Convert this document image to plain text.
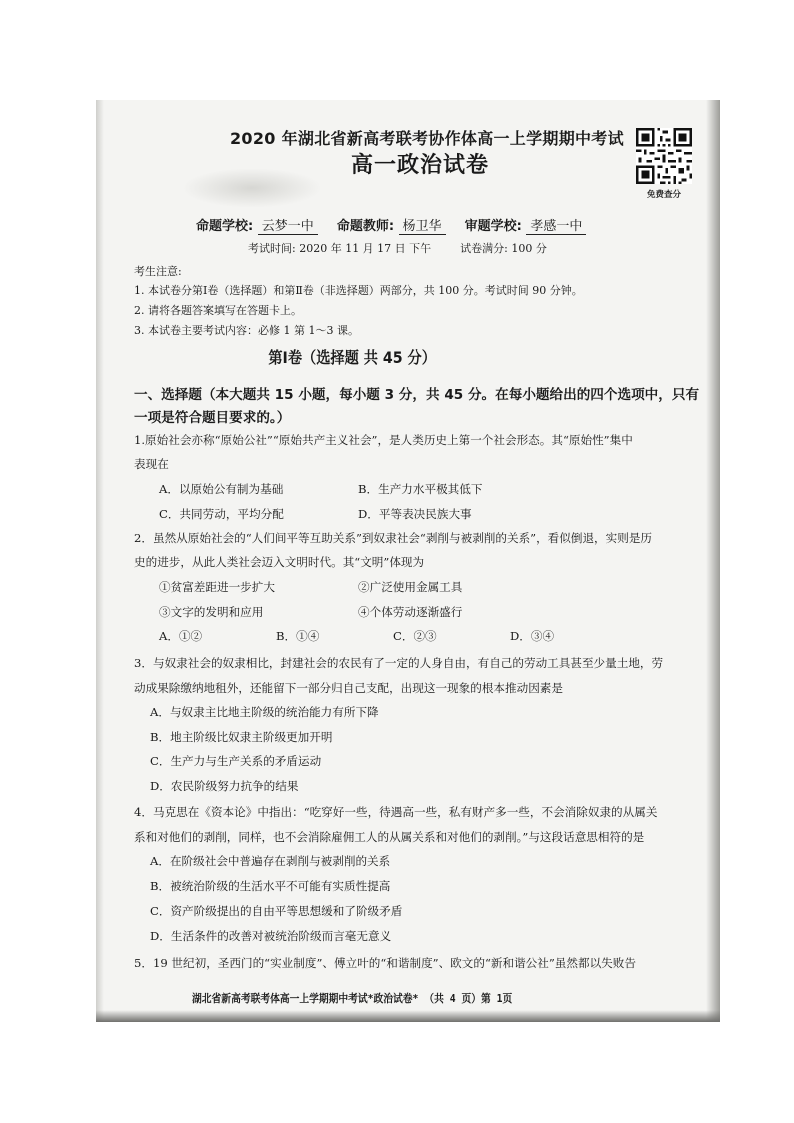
2020 年湖北省新高考联考协作体高一上学期期中考试
高一政治试卷
免费查分
命题学校: 云梦一中 命题教师: 杨卫华 审题学校: 孝感一中
考试时间: 2020 年 11 月 17 日 下午	试卷满分: 100 分
考生注意:
1. 本试卷分第Ⅰ卷（选择题）和第Ⅱ卷（非选择题）两部分，共 100 分。考试时间 90 分钟。
2. 请将各题答案填写在答题卡上。
3. 本试卷主要考试内容：必修 1 第 1～3 课。
第Ⅰ卷（选择题 共 45 分）
一、选择题（本大题共 15 小题，每小题 3 分，共 45 分。在每小题给出的四个选项中，只有
一项是符合题目要求的。）
1.原始社会亦称“原始公社”“原始共产主义社会”，是人类历史上第一个社会形态。其“原始性”集中
表现在
A．以原始公有制为基础	B．生产力水平极其低下
C．共同劳动，平均分配	D．平等表决民族大事
2．虽然从原始社会的“人们间平等互助关系”到奴隶社会“剥削与被剥削的关系”，看似倒退，实则是历
史的进步，从此人类社会迈入文明时代。其“文明”体现为
①贫富差距进一步扩大	②广泛使用金属工具
③文字的发明和应用	④个体劳动逐渐盛行
A．①②	B．①④	C．②③	D．③④
3．与奴隶社会的奴隶相比，封建社会的农民有了一定的人身自由，有自己的劳动工具甚至少量土地，劳
动成果除缴纳地租外，还能留下一部分归自己支配，出现这一现象的根本推动因素是
A．与奴隶主比地主阶级的统治能力有所下降
B．地主阶级比奴隶主阶级更加开明
C．生产力与生产关系的矛盾运动
D．农民阶级努力抗争的结果
4．马克思在《资本论》中指出：“吃穿好一些，待遇高一些，私有财产多一些，不会消除奴隶的从属关
系和对他们的剥削，同样，也不会消除雇佣工人的从属关系和对他们的剥削。”与这段话意思相符的是
A．在阶级社会中普遍存在剥削与被剥削的关系
B．被统治阶级的生活水平不可能有实质性提高
C．资产阶级提出的自由平等思想缓和了阶级矛盾
D．生活条件的改善对被统治阶级而言毫无意义
5．19 世纪初，圣西门的“实业制度”、傅立叶的“和谐制度”、欧文的“新和谐公社”虽然都以失败告
湖北省新高考联考体高一上学期期中考试*政治试卷* （共 4 页）第 1页
